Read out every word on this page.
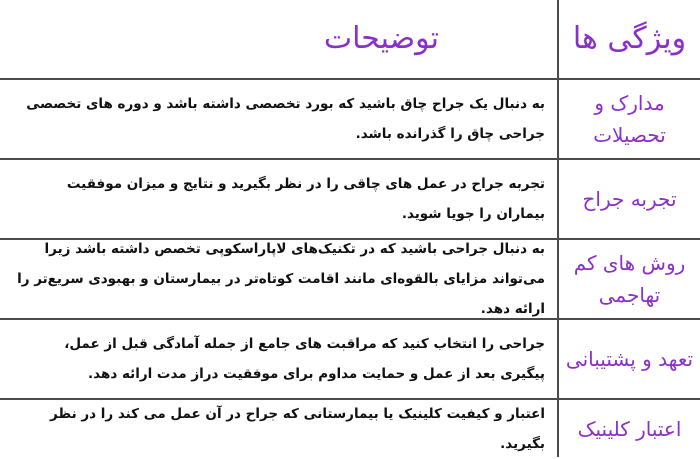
ویژگی ها
توضیحات
مدارک و تحصیلات
به دنبال یک جراح چاق باشید که بورد تخصصی داشته باشد و دوره های تخصصی جراحی چاق را گذرانده باشد.
تجربه جراح
تجربه جراح در عمل های چاقی را در نظر بگیرید و نتایج و میزان موفقیت بیماران را جویا شوید.
روش های کم تهاجمی
به دنبال جراحی باشید که در تکنیک‌های لاپاراسکوپی تخصص داشته باشد زیرا می‌تواند مزایای بالقوه‌ای مانند اقامت کوتاه‌تر در بیمارستان و بهبودی سریع‌تر را ارائه دهد.
تعهد و پشتیبانی
جراحی را انتخاب کنید که مراقبت های جامع از جمله آمادگی قبل از عمل، پیگیری بعد از عمل و حمایت مداوم برای موفقیت دراز مدت ارائه دهد.
اعتبار کلینیک
اعتبار و کیفیت کلینیک یا بیمارستانی که جراح در آن عمل می کند را در نظر بگیرید.
